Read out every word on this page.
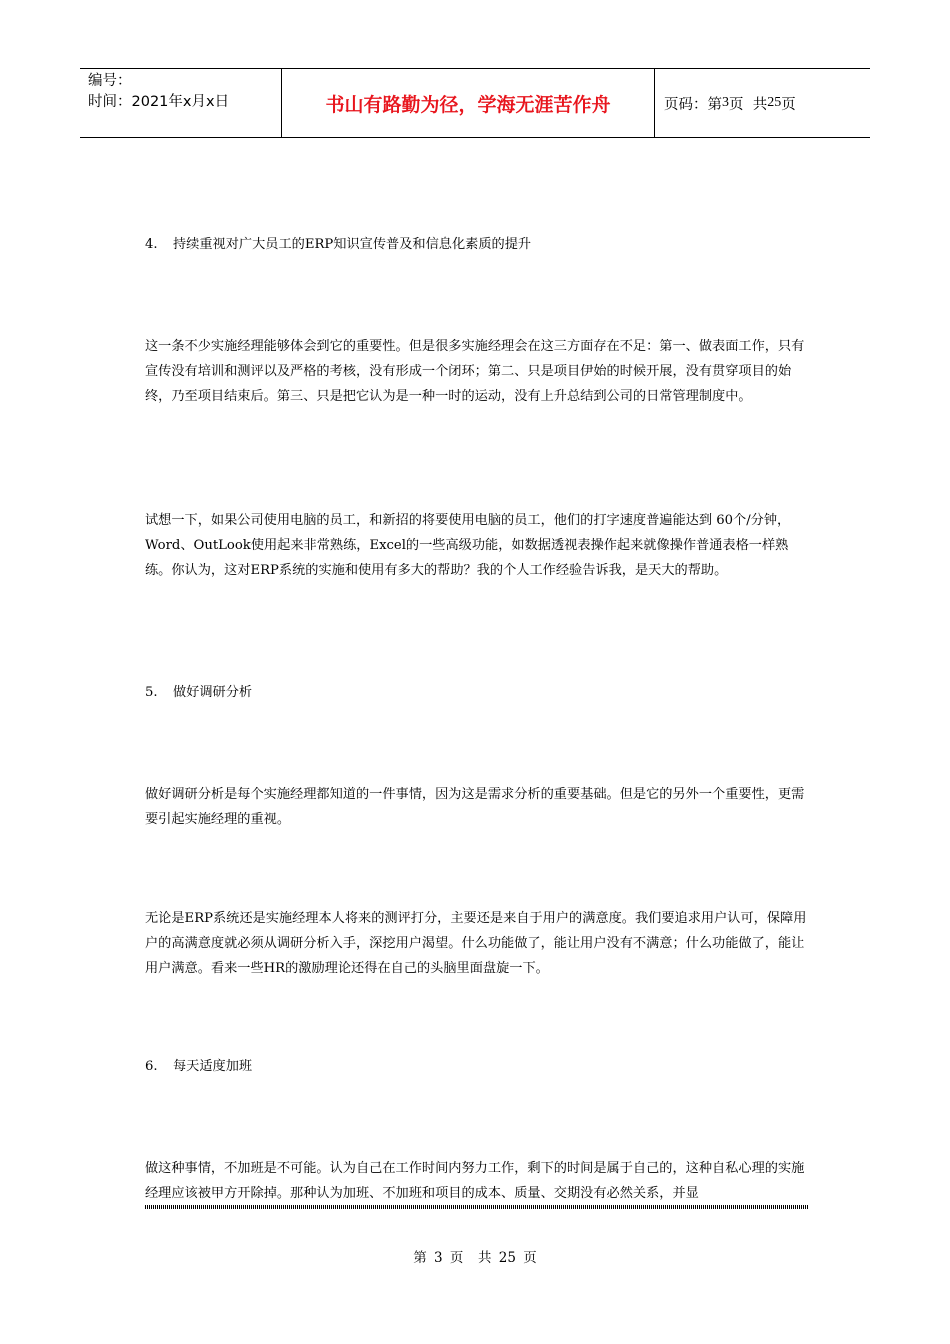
编号：
时间：2021年x月x日	书山有路勤为径，学海无涯苦作舟	页码：第 3 页  共 25 页

4. 持续重视对广大员工的ERP知识宣传普及和信息化素质的提升

这一条不少实施经理能够体会到它的重要性。但是很多实施经理会在这三方面存在不足：第一、做表面工作，只有宣传没有培训和测评以及严格的考核，没有形成一个闭环；第二、只是项目伊始的时候开展，没有贯穿项目的始终，乃至项目结束后。第三、只是把它认为是一种一时的运动，没有上升总结到公司的日常管理制度中。

试想一下，如果公司使用电脑的员工，和新招的将要使用电脑的员工，他们的打字速度普遍能达到 60个/分钟，Word、OutLook使用起来非常熟练，Excel的一些高级功能，如数据透视表操作起来就像操作普通表格一样熟练。你认为，这对ERP系统的实施和使用有多大的帮助？我的个人工作经验告诉我，是天大的帮助。

5. 做好调研分析

做好调研分析是每个实施经理都知道的一件事情，因为这是需求分析的重要基础。但是它的另外一个重要性，更需要引起实施经理的重视。

无论是ERP系统还是实施经理本人将来的测评打分，主要还是来自于用户的满意度。我们要追求用户认可，保障用户的高满意度就必须从调研分析入手，深挖用户渴望。什么功能做了，能让用户没有不满意；什么功能做了，能让用户满意。看来一些HR的激励理论还得在自己的头脑里面盘旋一下。

6. 每天适度加班

做这种事情，不加班是不可能。认为自己在工作时间内努力工作，剩下的时间是属于自己的，这种自私心理的实施经理应该被甲方开除掉。那种认为加班、不加班和项目的成本、质量、交期没有必然关系，并显

第 3 页  共 25 页
